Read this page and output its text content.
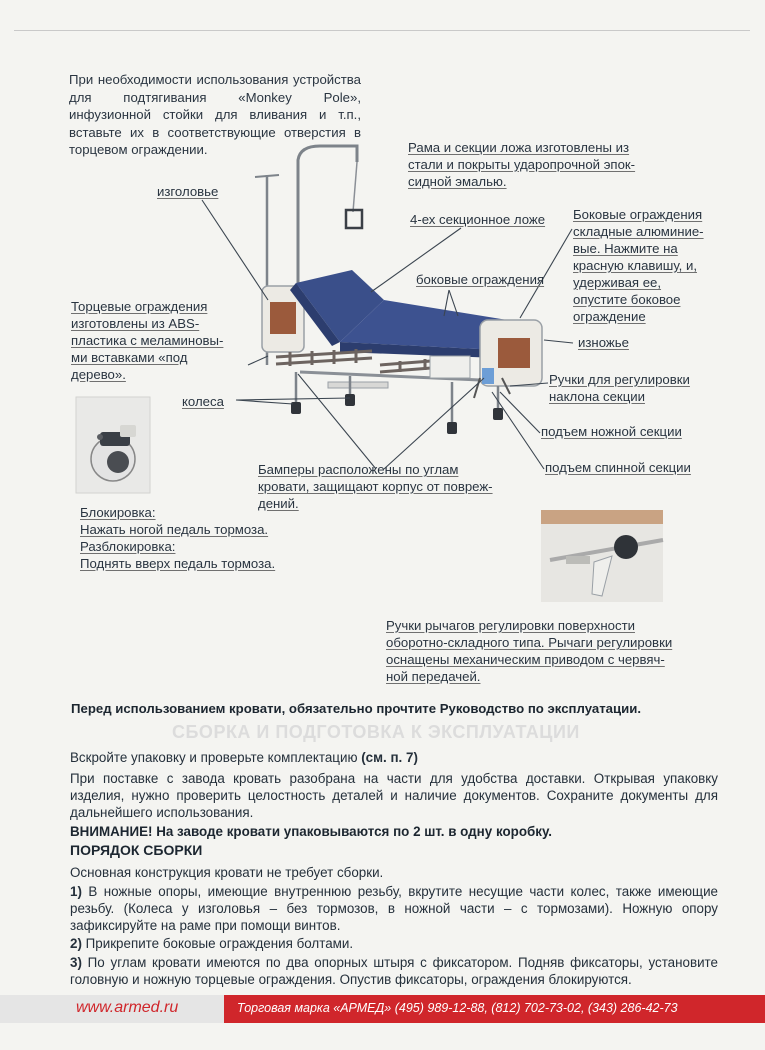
При необходимости использования устройства для подтягивания «Monkey Pole», инфузионной стойки для вливания и т.п., вставьте их в соответствующие отверстия в торцевом ограждении.	Рама и секции ложа изготовлены из
стали и покрыты ударопрочной эпок-
сидной эмалью.
изголовье
4-ех секционное ложе Боковые ограждения
складные алюминие-
вые. Нажмите на
красную клавишу, и,
удерживая ее,
опустите боковое
ограждение
боковые ограждения
Торцевые ограждения
изготовлены из ABS-
пластика с меламиновы-
ми вставками «под
дерево».
изножье
Ручки для регулировки
наклона секции
колеса
подъем ножной секции
подъем спинной секции
Бамперы расположены по углам
кровати, защищают корпус от повреж-
дений.
Блокировка:
Нажать ногой педаль тормоза.
Разблокировка:
Поднять вверх педаль тормоза.
Ручки рычагов регулировки поверхности
оборотно-складного типа. Рычаги регулировки
оснащены механическим приводом с червяч-
ной передачей.
Перед использованием кровати, обязательно прочтите Руководство по эксплуатации.
СБОРКА И ПОДГОТОВКА К ЭКСПЛУАТАЦИИ
Вскройте упаковку и проверьте комплектацию (см. п. 7)
При поставке с завода кровать разобрана на части для удобства доставки. Открывая упаковку изделия, нужно проверить целостность деталей и наличие документов. Сохраните документы для дальнейшего использования.
ВНИМАНИЕ! На заводе кровати упаковываются по 2 шт. в одну коробку.
ПОРЯДОК СБОРКИ
Основная конструкция кровати не требует сборки.
1) В ножные опоры, имеющие внутреннюю резьбу, вкрутите несущие части колес, также имеющие резьбу. (Колеса у изголовья – без тормозов, в ножной части – с тормозами). Ножную опору зафиксируйте на раме при помощи винтов.
2) Прикрепите боковые ограждения болтами.
3) По углам кровати имеются по два опорных штыря с фиксатором. Подняв фиксаторы, установите головную и ножную торцевые ограждения. Опустив фиксаторы, ограждения блокируются.
www.armed.ru	Торговая марка «АРМЕД» (495) 989-12-88, (812) 702-73-02, (343) 286-42-73
